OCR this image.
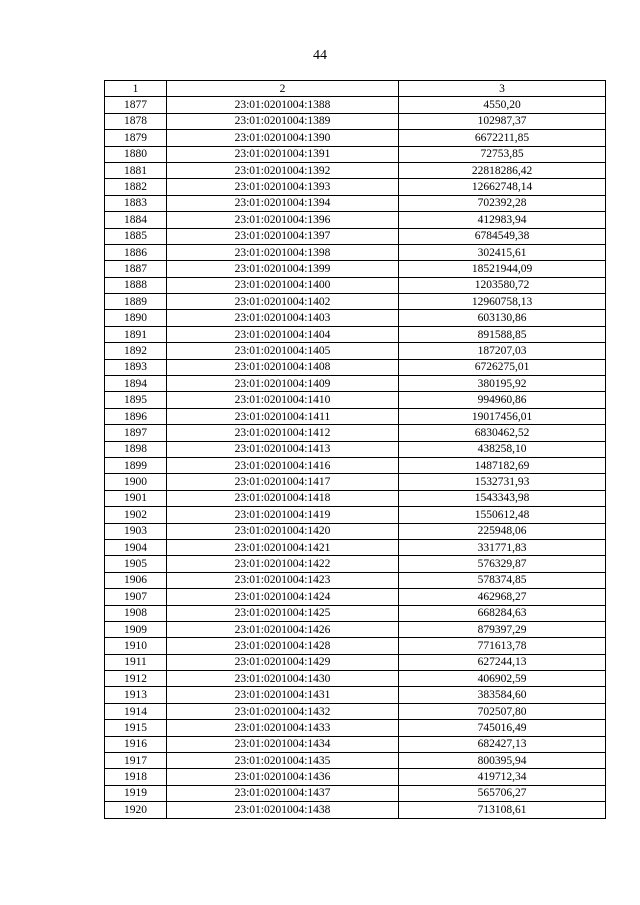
44
1	2	3
1877	23:01:0201004:1388	4550,20
1878	23:01:0201004:1389	102987,37
1879	23:01:0201004:1390	6672211,85
1880	23:01:0201004:1391	72753,85
1881	23:01:0201004:1392	22818286,42
1882	23:01:0201004:1393	12662748,14
1883	23:01:0201004:1394	702392,28
1884	23:01:0201004:1396	412983,94
1885	23:01:0201004:1397	6784549,38
1886	23:01:0201004:1398	302415,61
1887	23:01:0201004:1399	18521944,09
1888	23:01:0201004:1400	1203580,72
1889	23:01:0201004:1402	12960758,13
1890	23:01:0201004:1403	603130,86
1891	23:01:0201004:1404	891588,85
1892	23:01:0201004:1405	187207,03
1893	23:01:0201004:1408	6726275,01
1894	23:01:0201004:1409	380195,92
1895	23:01:0201004:1410	994960,86
1896	23:01:0201004:1411	19017456,01
1897	23:01:0201004:1412	6830462,52
1898	23:01:0201004:1413	438258,10
1899	23:01:0201004:1416	1487182,69
1900	23:01:0201004:1417	1532731,93
1901	23:01:0201004:1418	1543343,98
1902	23:01:0201004:1419	1550612,48
1903	23:01:0201004:1420	225948,06
1904	23:01:0201004:1421	331771,83
1905	23:01:0201004:1422	576329,87
1906	23:01:0201004:1423	578374,85
1907	23:01:0201004:1424	462968,27
1908	23:01:0201004:1425	668284,63
1909	23:01:0201004:1426	879397,29
1910	23:01:0201004:1428	771613,78
1911	23:01:0201004:1429	627244,13
1912	23:01:0201004:1430	406902,59
1913	23:01:0201004:1431	383584,60
1914	23:01:0201004:1432	702507,80
1915	23:01:0201004:1433	745016,49
1916	23:01:0201004:1434	682427,13
1917	23:01:0201004:1435	800395,94
1918	23:01:0201004:1436	419712,34
1919	23:01:0201004:1437	565706,27
1920	23:01:0201004:1438	713108,61
